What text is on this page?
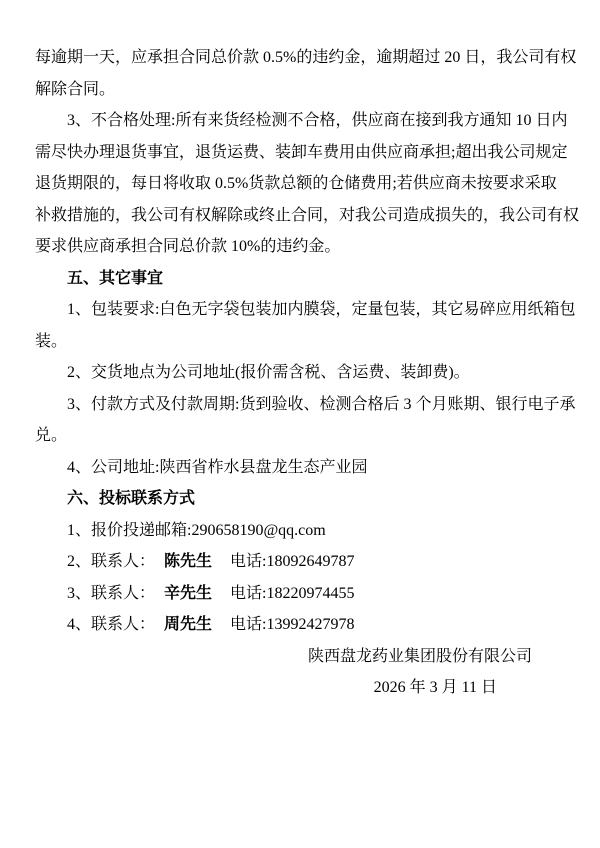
每逾期一天，应承担合同总价款 0.5%的违约金，逾期超过 20 日，我公司有权
解除合同。
3、不合格处理:所有来货经检测不合格，供应商在接到我方通知 10 日内
需尽快办理退货事宜，退货运费、装卸车费用由供应商承担;超出我公司规定
退货期限的，每日将收取 0.5%货款总额的仓储费用;若供应商未按要求采取
补救措施的，我公司有权解除或终止合同，对我公司造成损失的，我公司有权
要求供应商承担合同总价款 10%的违约金。
五、其它事宜
1、包装要求:白色无字袋包装加内膜袋，定量包装，其它易碎应用纸箱包
装。
2、交货地点为公司地址(报价需含税、含运费、装卸费)。
3、付款方式及付款周期:货到验收、检测合格后 3 个月账期、银行电子承
兑。
4、公司地址:陕西省柞水县盘龙生态产业园
六、投标联系方式
1、报价投递邮箱:290658190@qq.com
2、联系人： 陈先生 电话:18092649787
3、联系人： 辛先生 电话:18220974455
4、联系人： 周先生 电话:13992427978
陕西盘龙药业集团股份有限公司
2026 年 3 月 11 日
